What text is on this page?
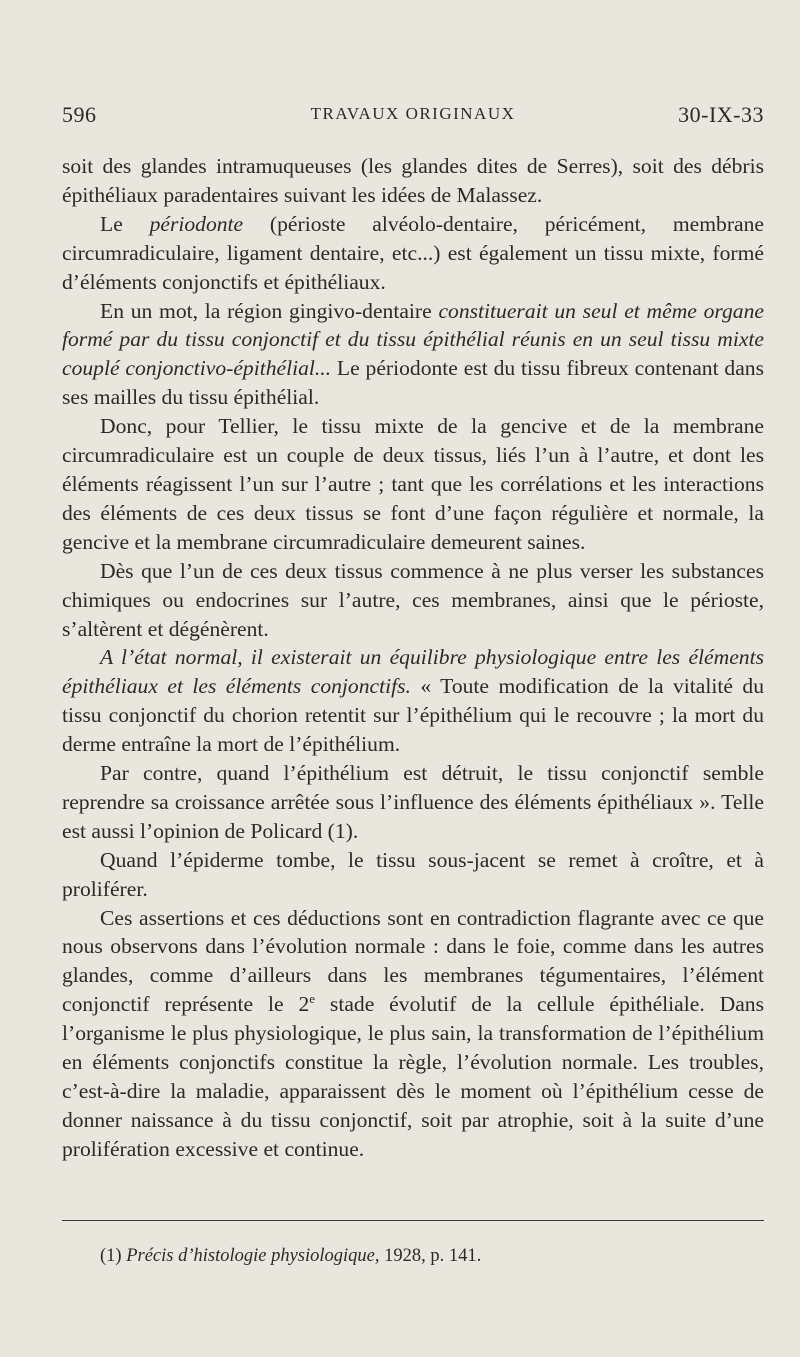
596	TRAVAUX ORIGINAUX	30-IX-33

soit des glandes intramuqueuses (les glandes dites de Serres), soit des débris épithéliaux paradentaires suivant les idées de Malassez.

Le périodonte (périoste alvéolo-dentaire, péricément, membrane circumradiculaire, ligament dentaire, etc...) est également un tissu mixte, formé d’éléments conjonctifs et épithéliaux.

En un mot, la région gingivo-dentaire constituerait un seul et même organe formé par du tissu conjonctif et du tissu épithélial réunis en un seul tissu mixte couplé conjonctivo-épithélial... Le périodonte est du tissu fibreux contenant dans ses mailles du tissu épithélial.

Donc, pour Tellier, le tissu mixte de la gencive et de la membrane circumradiculaire est un couple de deux tissus, liés l’un à l’autre, et dont les éléments réagissent l’un sur l’autre ; tant que les corrélations et les interactions des éléments de ces deux tissus se font d’une façon régulière et normale, la gencive et la membrane circumradiculaire demeurent saines.

Dès que l’un de ces deux tissus commence à ne plus verser les substances chimiques ou endocrines sur l’autre, ces membranes, ainsi que le périoste, s’altèrent et dégénèrent.

A l’état normal, il existerait un équilibre physiologique entre les éléments épithéliaux et les éléments conjonctifs. « Toute modification de la vitalité du tissu conjonctif du chorion retentit sur l’épithélium qui le recouvre ; la mort du derme entraîne la mort de l’épithélium.

Par contre, quand l’épithélium est détruit, le tissu conjonctif semble reprendre sa croissance arrêtée sous l’influence des éléments épithéliaux ». Telle est aussi l’opinion de Policard (1).

Quand l’épiderme tombe, le tissu sous-jacent se remet à croître, et à proliférer.

Ces assertions et ces déductions sont en contradiction flagrante avec ce que nous observons dans l’évolution normale : dans le foie, comme dans les autres glandes, comme d’ailleurs dans les membranes tégumentaires, l’élément conjonctif représente le 2e stade évolutif de la cellule épithéliale. Dans l’organisme le plus physiologique, le plus sain, la transformation de l’épithélium en éléments conjonctifs constitue la règle, l’évolution normale. Les troubles, c’est-à-dire la maladie, apparaissent dès le moment où l’épithélium cesse de donner naissance à du tissu conjonctif, soit par atrophie, soit à la suite d’une prolifération excessive et continue.

(1) Précis d’histologie physiologique, 1928, p. 141.
